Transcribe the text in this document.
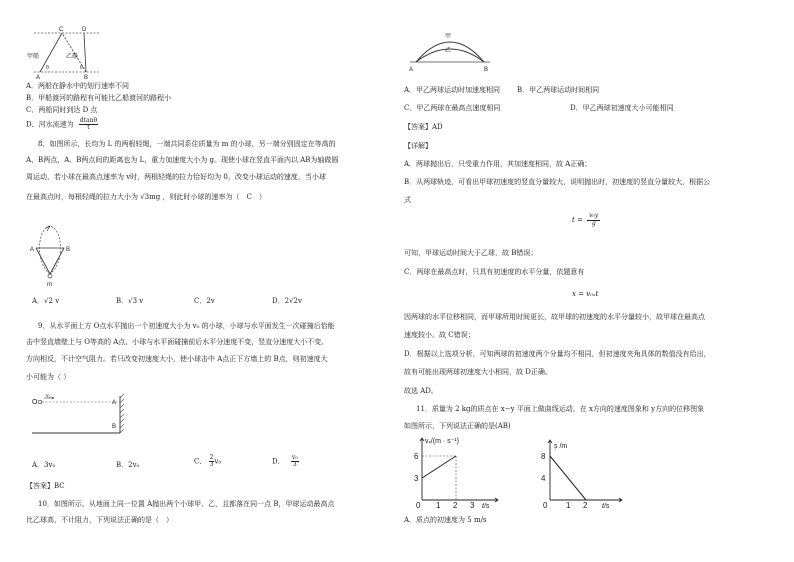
C	D
甲船	乙船
θ	θ
A	B
A．两船在静水中的划行速率不同
B．甲船渡河的路程有可能比乙船渡河的路程小
C．两船同时到达 D 点
D．河水流速为 $\frac{dtan\theta}{t}$
8．如图所示，长均为 L 的两根轻绳，一端共同系住质量为 m 的小球，另一端分别固定在等高的
A、B两点，A、B两点间的距离也为 L，重力加速度大小为 g。现使小球在竖直平面内以 AB为轴做圆
周运动，若小球在最高点速率为 v时，两根轻绳的拉力恰好均为 0，改变小球运动的速度，当小球
在最高点时，每根轻绳的拉力大小为 √3mg ，则此时小球的速率为（　C　）
A	B
m
A．√2 v	B．√3 v	C．2v	D．2√2v
9．从水平面上方 O点水平抛出一个初速度大小为 v₀ 的小球，小球与水平面发生一次碰撞后恰能
击中竖直墙壁上与 O等高的 A点，小球与水平面碰撞前后水平分速度不变，竖直分速度大小不变、
方向相反，不计空气阻力。若只改变初速度大小，使小球击中 A点正下方墙上的 B点，则初速度大
小可能为（ ）
O
v₀
A
B
A．3v₀	B．2v₀	C． $\frac{2}{3} v_0$	D． $\frac{\text{v₀}}{3}$
【答案】BC
10．如图所示，从地面上同一位置 A抛出两个小球甲、乙，且都落在同一点 B，甲球运动最高点
比乙球高，不计阻力，下列说法正确的是（　）
甲
乙
A	B
A．甲乙两球运动时加速度相同 B．甲乙两球运动时间相同
C．甲乙两球在最高点速度相同	D．甲乙两球初速度大小可能相同
【答案】AD
【详解】
A．两球抛出后，只受重力作用，其加速度相同，故 A正确；
B．从两球轨迹，可看出甲球初速度的竖直分量较大，说明抛出时，初速度的竖直分量较大，根据公
式
$t = \frac{\text{v₀y}}{g}$
可知，甲球运动时间大于乙球，故 B错误；
C．两球在最高点时，只具有初速度的水平分量，依题意有
x = v₀ₓt
因两球的水平位移相同，而甲球所用时间更长，故甲球的初速度的水平分量较小，故甲球在最高点
速度较小。故 C错误；
D．根据以上选项分析，可知两球的初速度两个分量均不相同，但初速度夹角具体的数值没有给出，
故有可能出现两球初速度大小相同，故 D正确。
故选 AD。
11．质量为 2 kg的质点在 x−y 平面上做曲线运动，在 x方向的速度图象和 y方向的位移图象
如图所示，下列说法正确的是(AB)
vₓ/(m · s⁻¹)
6
3
0 1 2 3 t/s
s᷊ /m
8
4
0 1 2 t/s
A．质点的初速度为 5 m/s
